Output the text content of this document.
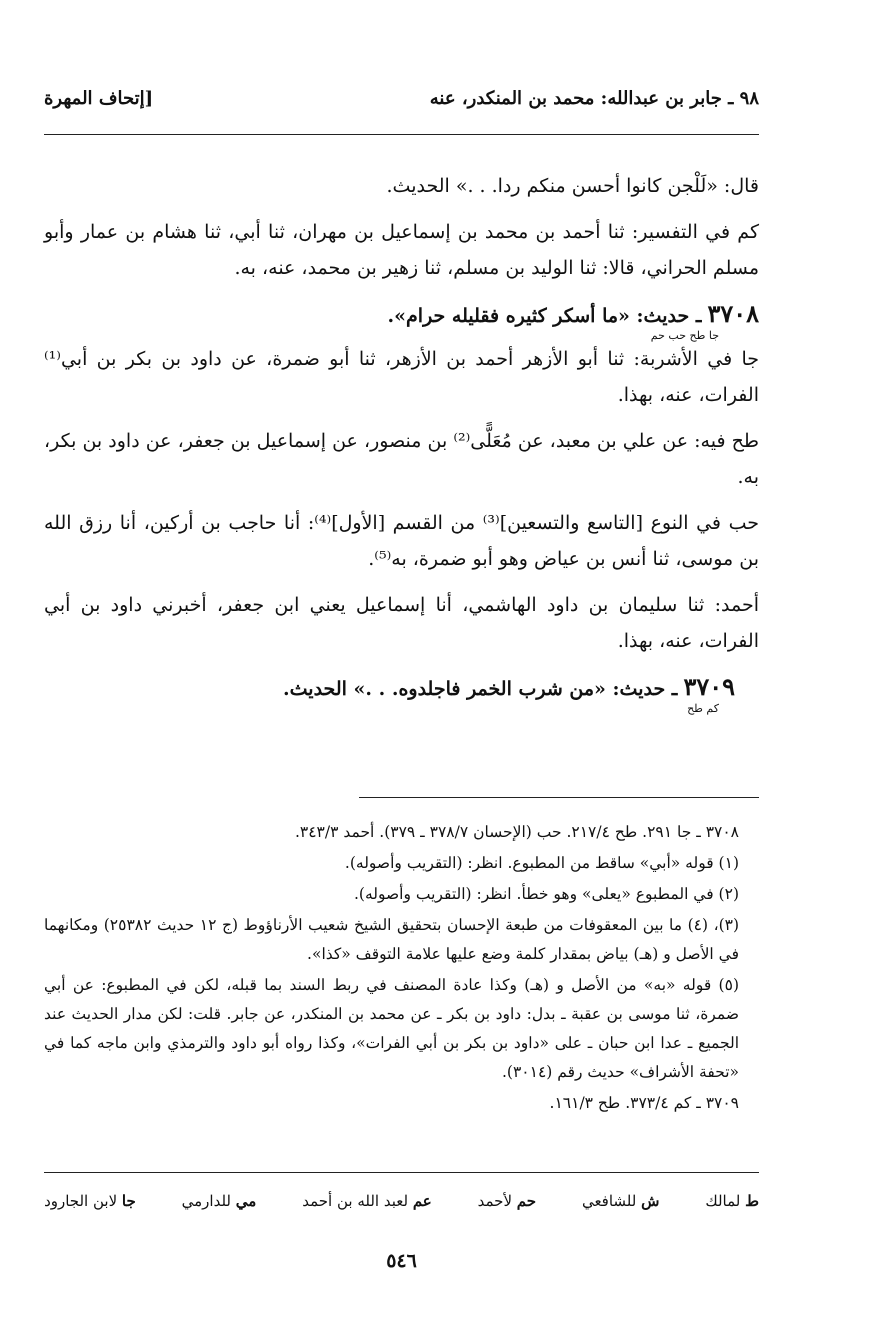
٩٨ ـ جابر بن عبدالله: محمد بن المنكدر، عنه
[إتحاف المهرة

قال: «لَلْجن كانوا أحسن منكم ردا. . .» الحديث.

كم في التفسير: ثنا أحمد بن محمد بن إسماعيل بن مهران، ثنا أبي، ثنا هشام بن عمار وأبو مسلم الحراني، قالا: ثنا الوليد بن مسلم، ثنا زهير بن محمد، عنه، به.

٣٧٠٨ ـ حديث: «ما أسكر كثيره فقليله حرام».

جا طح حب حم

جا في الأشربة: ثنا أبو الأزهر أحمد بن الأزهر، ثنا أبو ضمرة، عن داود بن بكر بن أبي⁽¹⁾ الفرات، عنه، بهذا.

طح فيه: عن علي بن معبد، عن مُعَلًّى⁽²⁾ بن منصور، عن إسماعيل بن جعفر، عن داود بن بكر، به.

حب في النوع [التاسع والتسعين]⁽³⁾ من القسم [الأول]⁽⁴⁾: أنا حاجب بن أركين، أنا رزق الله بن موسى، ثنا أنس بن عياض وهو أبو ضمرة، به⁽⁵⁾.

أحمد: ثنا سليمان بن داود الهاشمي، أنا إسماعيل يعني ابن جعفر، أخبرني داود بن أبي الفرات، عنه، بهذا.

٣٧٠٩ ـ حديث: «من شرب الخمر فاجلدوه. . .» الحديث.

كم طح

٣٧٠٨ ـ جا ٢٩١. طح ٢١٧/٤. حب (الإحسان ٣٧٨/٧ ـ ٣٧٩). أحمد ٣٤٣/٣.

(١) قوله «أبي» ساقط من المطبوع. انظر: (التقريب وأصوله).

(٢) في المطبوع «يعلى» وهو خطأ. انظر: (التقريب وأصوله).

(٣)، (٤) ما بين المعقوفات من طبعة الإحسان بتحقيق الشيخ شعيب الأرناؤوط (ج ١٢ حديث ٢٥٣٨٢) ومكانهما في الأصل و (هـ) بياض بمقدار كلمة وضع عليها علامة التوقف «كذا».

(٥) قوله «به» من الأصل و (هـ) وكذا عادة المصنف في ربط السند بما قبله، لكن في المطبوع: عن أبي ضمرة، ثنا موسى بن عقبة ـ بدل: داود بن بكر ـ عن محمد بن المنكدر، عن جابر. قلت: لكن مدار الحديث عند الجميع ـ عدا ابن حبان ـ على «داود بن بكر بن أبي الفرات»، وكذا رواه أبو داود والترمذي وابن ماجه كما في «تحفة الأشراف» حديث رقم (٣٠١٤).

٣٧٠٩ ـ كم ٣٧٣/٤. طح ١٦١/٣.

ط لمالك
ش للشافعي
حم لأحمد
عم لعبد الله بن أحمد
مي للدارمي
جا لابن الجارود
٥٤٦
